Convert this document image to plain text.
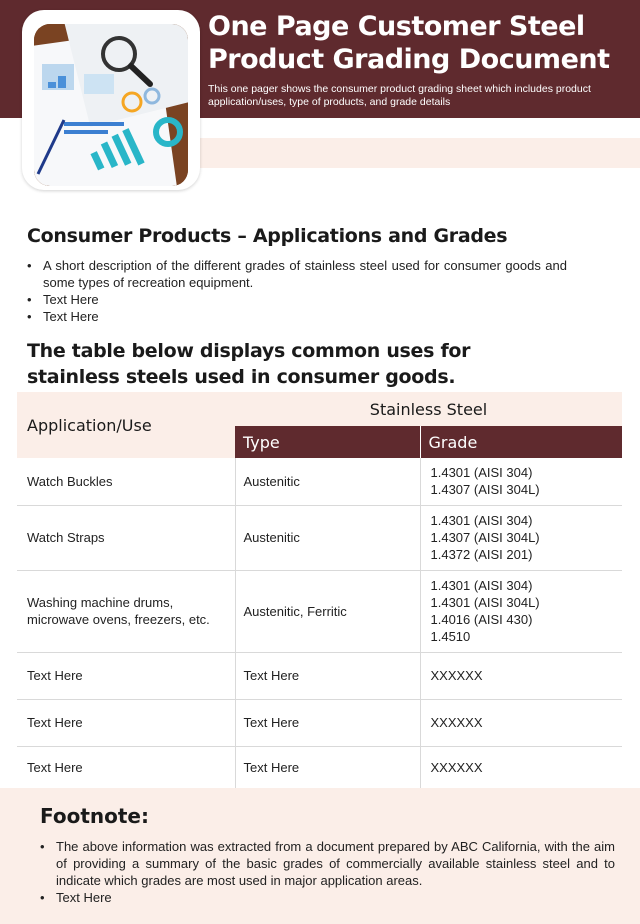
One Page Customer Steel Product Grading Document
This one pager shows the consumer product grading sheet which includes product application/uses, type of products, and grade details
Consumer Products – Applications and Grades
• A short description of the different grades of stainless steel used for consumer goods and some types of recreation equipment.
• Text Here
• Text Here
The table below displays common uses for stainless steels used in consumer goods.
Application/Use	Stainless Steel	
	Type	Grade
Watch Buckles	Austenitic	1.4301 (AISI 304)
1.4307 (AISI 304L)

Watch Straps	Austenitic	1.4301 (AISI 304)
1.4307 (AISI 304L)
1.4372 (AISI 201)

Washing machine drums, microwave ovens, freezers, etc.	Austenitic, Ferritic	1.4301 (AISI 304)
1.4301 (AISI 304L)
1.4016 (AISI 430)
1.4510

Text Here	Text Here	XXXXXX
Text Here	Text Here	XXXXXX
Text Here	Text Here	XXXXXX
Footnote:
• The above information was extracted from a document prepared by ABC California, with the aim of providing a summary of the basic grades of commercially available stainless steel and to indicate which grades are most used in major application areas.
• Text Here
